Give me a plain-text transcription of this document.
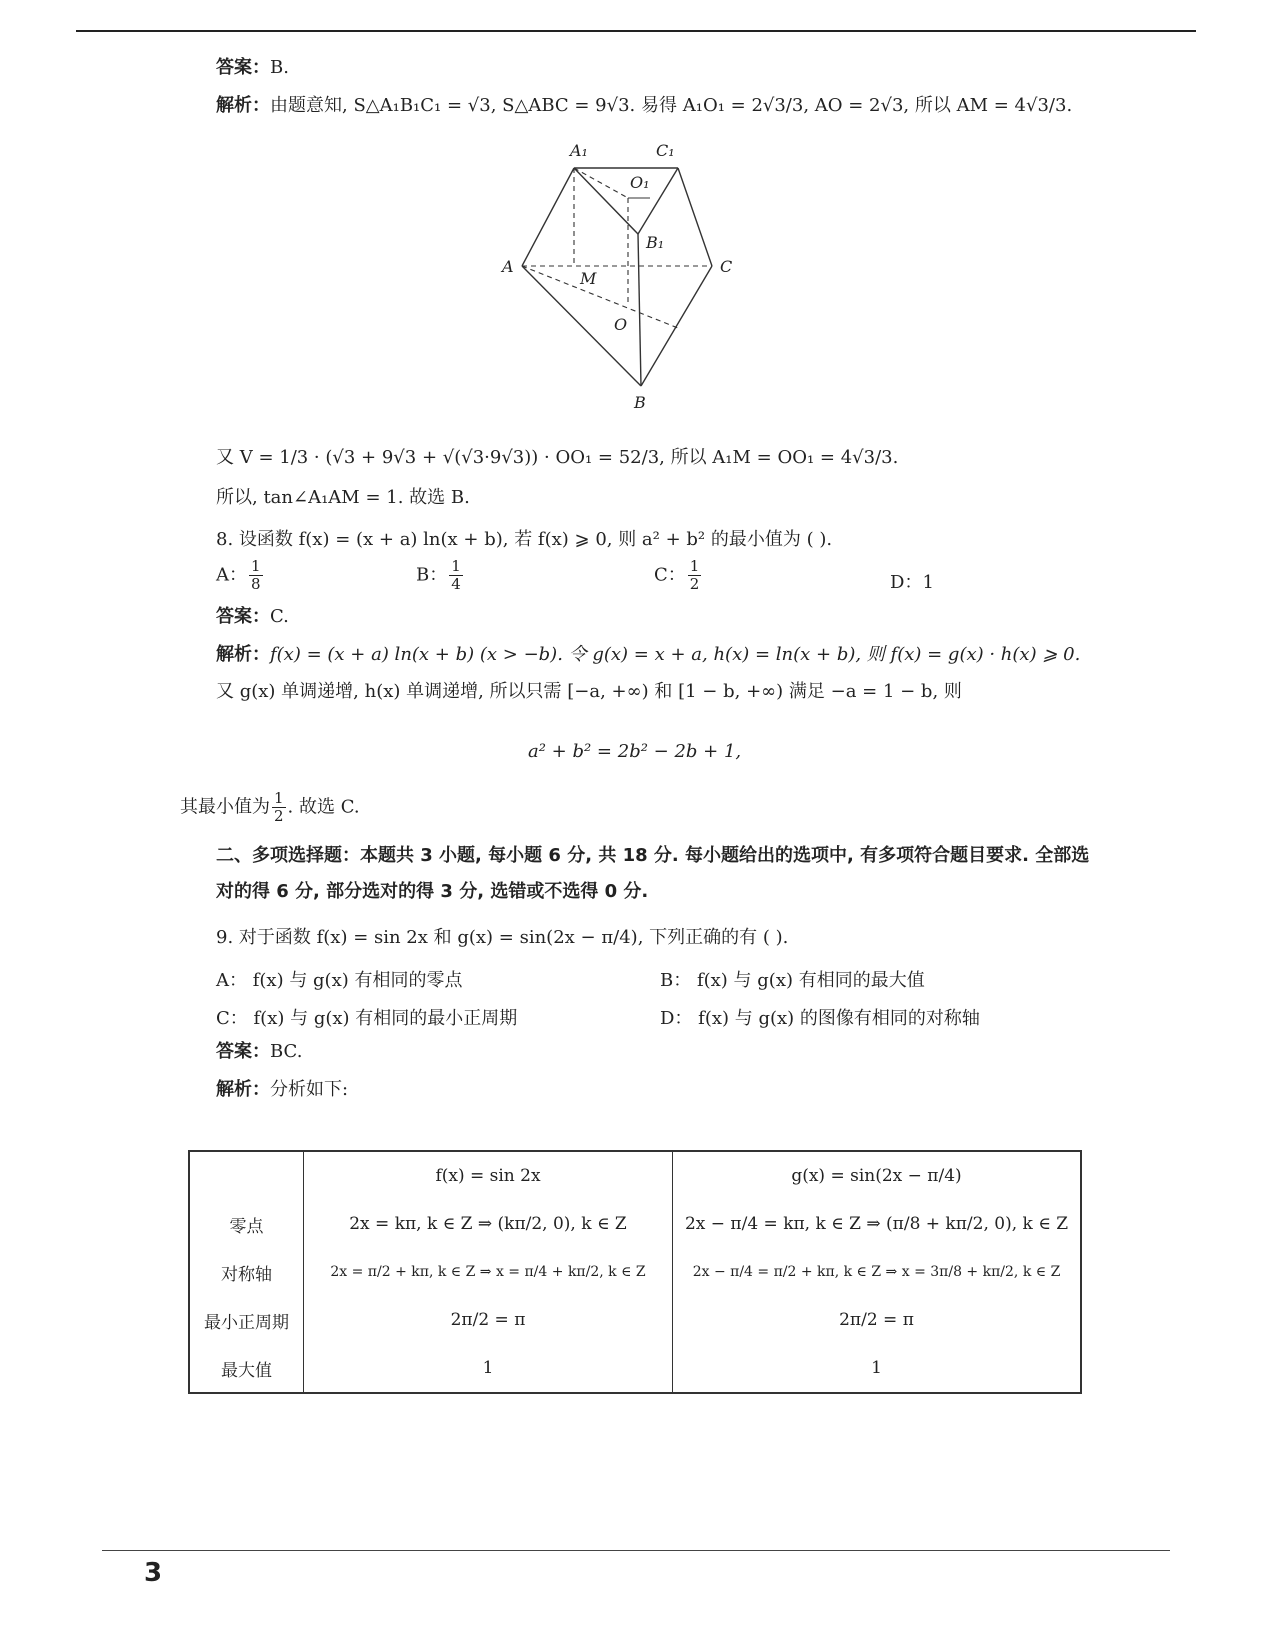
答案：B.
解析：由题意知, S△A₁B₁C₁ = √3, S△ABC = 9√3. 易得 A₁O₁ = 2√3/3, AO = 2√3, 所以 AM = 4√3/3.
A₁	C₁
O₁
B₁
A	C
M
O
B
又 V = 1/3 · (√3 + 9√3 + √(√3·9√3)) · OO₁ = 52/3, 所以 A₁M = OO₁ = 4√3/3.
所以, tan∠A₁AM = 1. 故选 B.
8. 设函数 f(x) = (x + a) ln(x + b), 若 f(x) ⩾ 0, 则 a² + b² 的最小值为 ( ).
A： $\frac{1}{8}$	B： $\frac{1}{4}$	C： $\frac{1}{2}$	D：1
答案：C.
解析：f(x) = (x + a) ln(x + b) (x > −b). 令 g(x) = x + a, h(x) = ln(x + b), 则 f(x) = g(x) · h(x) ⩾ 0.
又 g(x) 单调递增, h(x) 单调递增, 所以只需 [−a, +∞) 和 [1 − b, +∞) 满足 −a = 1 − b, 则
a² + b² = 2b² − 2b + 1,
其最小值为 $\frac{1}{2}$ . 故选 C.
二、多项选择题：本题共 3 小题, 每小题 6 分, 共 18 分. 每小题给出的选项中, 有多项符合题目要求. 全部选
对的得 6 分, 部分选对的得 3 分, 选错或不选得 0 分.
9. 对于函数 f(x) = sin 2x 和 g(x) = sin(2x − π/4), 下列正确的有 ( ).
A： f(x) 与 g(x) 有相同的零点	B： f(x) 与 g(x) 有相同的最大值
C： f(x) 与 g(x) 有相同的最小正周期	D： f(x) 与 g(x) 的图像有相同的对称轴
答案：BC.
解析：分析如下:
	f(x) = sin 2x	g(x) = sin(2x − π/4)
零点	2x = kπ, k ∈ Z ⇒ (kπ/2, 0), k ∈ Z	2x − π/4 = kπ, k ∈ Z ⇒ (π/8 + kπ/2, 0), k ∈ Z
对称轴	2x = π/2 + kπ, k ∈ Z ⇒ x = π/4 + kπ/2, k ∈ Z	2x − π/4 = π/2 + kπ, k ∈ Z ⇒ x = 3π/8 + kπ/2, k ∈ Z
最小正周期	2π/2 = π	2π/2 = π
最大值	1	1
3
